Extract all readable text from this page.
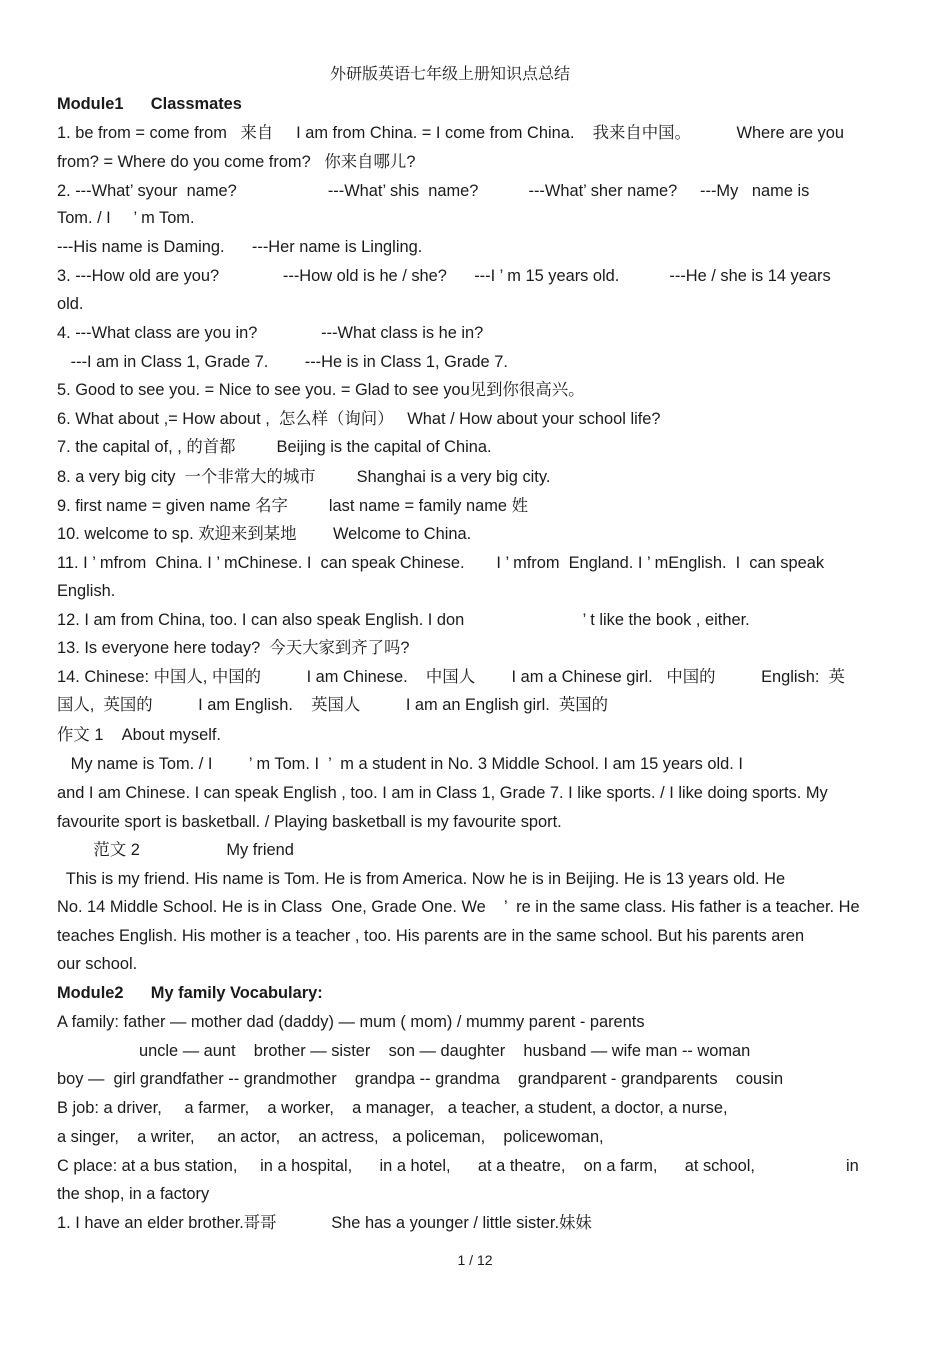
外研版英语七年级上册知识点总结
Module1      Classmates
1. be from = come from   来自     I am from China. = I come from China.    我来自中国。          Where are you
from? = Where do you come from?   你来自哪儿?
2. ---What’ syour  name?                    ---What’ shis  name?           ---What’ sher name?     ---My   name is
Tom. / I     ’ m Tom.
---His name is Daming.      ---Her name is Lingling.
3. ---How old are you?              ---How old is he / she?      ---I ’ m 15 years old.           ---He / she is 14 years
old.
4. ---What class are you in?              ---What class is he in?
---I am in Class 1, Grade 7.        ---He is in Class 1, Grade 7.
5. Good to see you. = Nice to see you. = Glad to see you见到你很高兴。
6. What about ,= How about ,  怎么样（询问）   What / How about your school life?
7. the capital of, , 的首都         Beijing is the capital of China.
8. a very big city  一个非常大的城市         Shanghai is a very big city.
9. first name = given name 名字         last name = family name 姓
10. welcome to sp. 欢迎来到某地        Welcome to China.
11. I ’ mfrom  China. I ’ mChinese. I  can speak Chinese.       I ’ mfrom  England. I ’ mEnglish.  I  can speak
English.
12. I am from China, too. I can also speak English. I don                          ’ t like the book , either.
13. Is everyone here today?  今天大家到齐了吗?
14. Chinese: 中国人, 中国的          I am Chinese.    中国人        I am a Chinese girl.   中国的          English:  英
国人,  英国的          I am English.    英国人          I am an English girl.  英国的
作文 1    About myself.
My name is Tom. / I        ’ m Tom. I  ’  m a student in No. 3 Middle School. I am 15 years old. I
and I am Chinese. I can speak English , too. I am in Class 1, Grade 7. I like sports. / I like doing sports. My
favourite sport is basketball. / Playing basketball is my favourite sport.
范文 2                   My friend
This is my friend. His name is Tom. He is from America. Now he is in Beijing. He is 13 years old. He
No. 14 Middle School. He is in Class  One, Grade One. We    ’  re in the same class. His father is a teacher. He
teaches English. His mother is a teacher , too. His parents are in the same school. But his parents aren
our school.
Module2      My family Vocabulary:
A family: father — mother dad (daddy) — mum ( mom) / mummy parent - parents
uncle — aunt    brother — sister    son — daughter    husband — wife man -- woman
boy —  girl grandfather -- grandmother    grandpa -- grandma    grandparent - grandparents    cousin
B job: a driver,     a farmer,    a worker,    a manager,   a teacher, a student, a doctor, a nurse,
a singer,    a writer,     an actor,    an actress,   a policeman,    policewoman,
C place: at a bus station,     in a hospital,      in a hotel,      at a theatre,    on a farm,      at school,                    in
the shop, in a factory
1. I have an elder brother.哥哥            She has a younger / little sister.妹妹
1 / 12
